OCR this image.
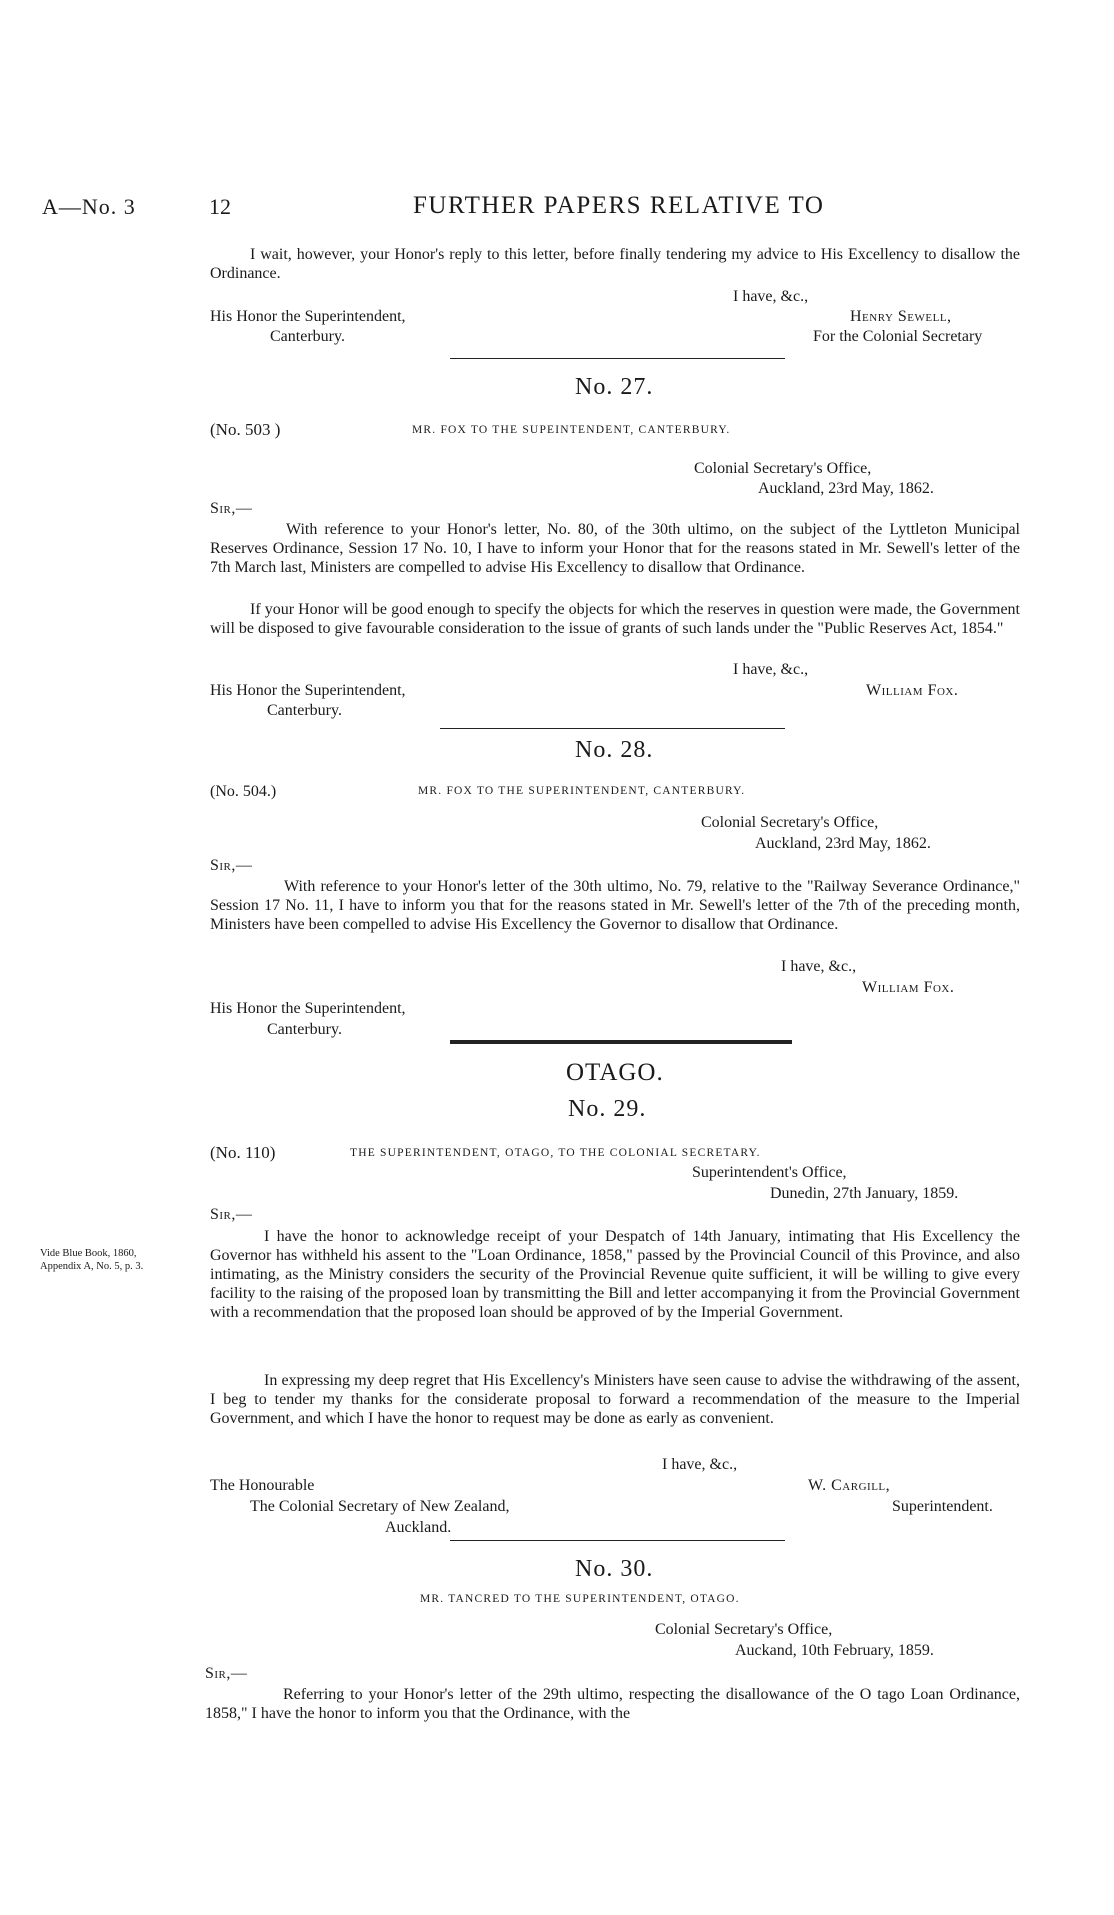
A—No. 3	12	FURTHER PAPERS RELATIVE TO
I wait, however, your Honor's reply to this letter, before finally tendering my advice to His Excellency to disallow the Ordinance.
I have, &c.,
His Honor the Superintendent,
Canterbury.
Henry Sewell,
For the Colonial Secretary
No. 27.
(No. 503 )	MR. FOX TO THE SUPEINTENDENT, CANTERBURY.
Colonial Secretary's Office,
Auckland, 23rd May, 1862.
Sir,—
With reference to your Honor's letter, No. 80, of the 30th ultimo, on the subject of the Lyttleton Municipal Reserves Ordinance, Session 17 No. 10, I have to inform your Honor that for the reasons stated in Mr. Sewell's letter of the 7th March last, Ministers are compelled to advise His Excellency to disallow that Ordinance.
If your Honor will be good enough to specify the objects for which the reserves in question were made, the Government will be disposed to give favourable consideration to the issue of grants of such lands under the "Public Reserves Act, 1854."
I have, &c.,
His Honor the Superintendent,
Canterbury.
William Fox.
No. 28.
(No. 504.)	MR. FOX TO THE SUPERINTENDENT, CANTERBURY.
Colonial Secretary's Office,
Auckland, 23rd May, 1862.
Sir,—
With reference to your Honor's letter of the 30th ultimo, No. 79, relative to the "Railway Severance Ordinance," Session 17 No. 11, I have to inform you that for the reasons stated in Mr. Sewell's letter of the 7th of the preceding month, Ministers have been compelled to advise His Excellency the Governor to disallow that Ordinance.
I have, &c.,
William Fox.
His Honor the Superintendent,
Canterbury.
OTAGO.
No. 29.
(No. 110)	THE SUPERINTENDENT, OTAGO, TO THE COLONIAL SECRETARY.
Superintendent's Office,
Dunedin, 27th January, 1859.
Sir,—
Vide Blue Book, 1860,
Appendix A, No. 5, p. 3.
I have the honor to acknowledge receipt of your Despatch of 14th January, intimating that His Excellency the Governor has withheld his assent to the "Loan Ordinance, 1858," passed by the Provincial Council of this Province, and also intimating, as the Ministry considers the security of the Provincial Revenue quite sufficient, it will be willing to give every facility to the raising of the proposed loan by transmitting the Bill and letter accompanying it from the Provincial Government with a recommendation that the proposed loan should be approved of by the Imperial Government.
In expressing my deep regret that His Excellency's Ministers have seen cause to advise the withdrawing of the assent, I beg to tender my thanks for the considerate proposal to forward a recommendation of the measure to the Imperial Government, and which I have the honor to request may be done as early as convenient.
I have, &c.,
The Honourable
The Colonial Secretary of New Zealand,
Auckland.
W. Cargill,
Superintendent.
No. 30.
MR. TANCRED TO THE SUPERINTENDENT, OTAGO.
Colonial Secretary's Office,
Auckand, 10th February, 1859.
Sir,—
Referring to your Honor's letter of the 29th ultimo, respecting the disallowance of the O tago Loan Ordinance, 1858," I have the honor to inform you that the Ordinance, with the
